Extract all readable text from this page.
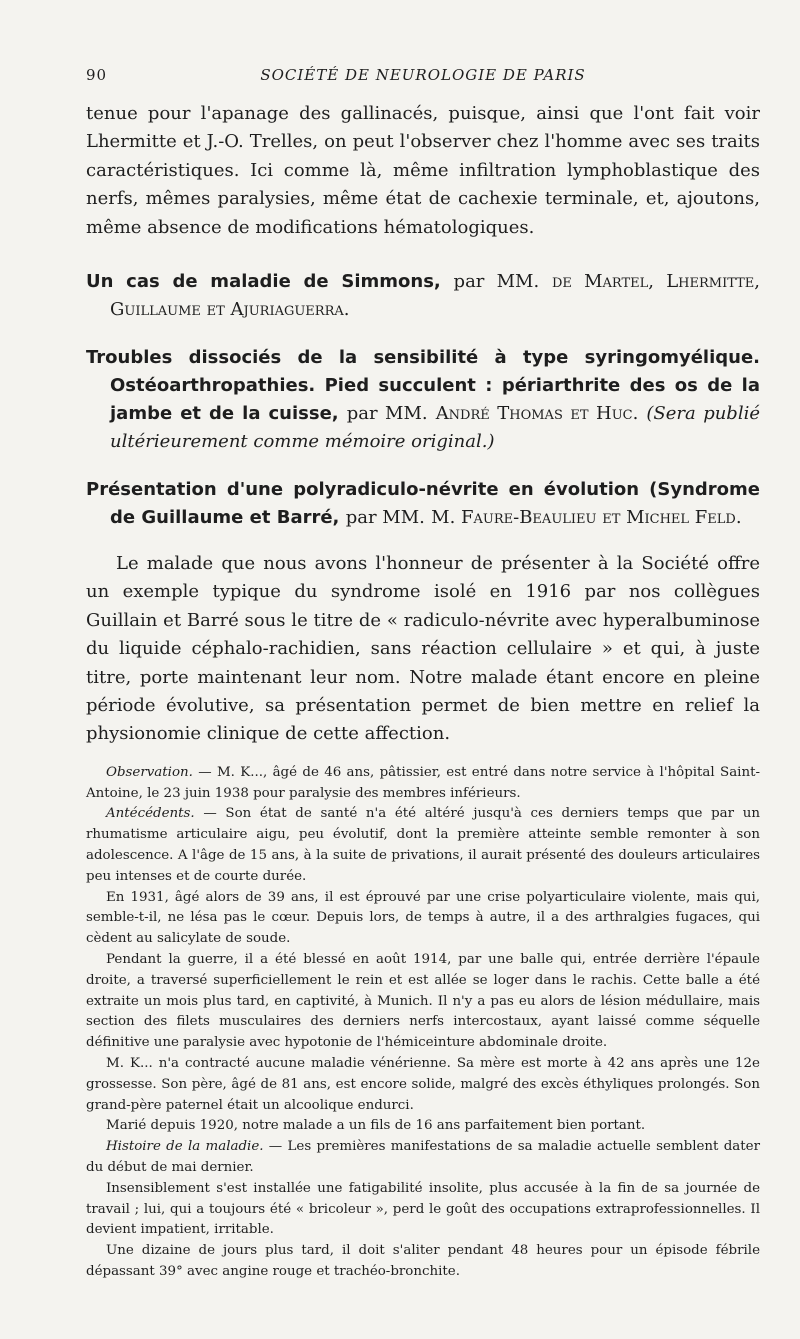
90	SOCIÉTÉ DE NEUROLOGIE DE PARIS

tenue pour l'apanage des gallinacés, puisque, ainsi que l'ont fait voir Lhermitte et J.-O. Trelles, on peut l'observer chez l'homme avec ses traits caractéristiques. Ici comme là, même infiltration lymphoblastique des nerfs, mêmes paralysies, même état de cachexie terminale, et, ajoutons, même absence de modifications hématologiques.

Un cas de maladie de Simmons, par MM. de Martel, Lhermitte, Guillaume et Ajuriaguerra.
Troubles dissociés de la sensibilité à type syringomyélique. Ostéoarthropathies. Pied succulent : périarthrite des os de la jambe et de la cuisse, par MM. André Thomas et Huc. (Sera publié ultérieurement comme mémoire original.)
Présentation d'une polyradiculo-névrite en évolution (Syndrome de Guillaume et Barré, par MM. M. Faure-Beaulieu et Michel Feld.

Le malade que nous avons l'honneur de présenter à la Société offre un exemple typique du syndrome isolé en 1916 par nos collègues Guillain et Barré sous le titre de « radiculo-névrite avec hyperalbuminose du liquide céphalo-rachidien, sans réaction cellulaire » et qui, à juste titre, porte maintenant leur nom. Notre malade étant encore en pleine période évolutive, sa présentation permet de bien mettre en relief la physionomie clinique de cette affection.

Observation. — M. K..., âgé de 46 ans, pâtissier, est entré dans notre service à l'hôpital Saint-Antoine, le 23 juin 1938 pour paralysie des membres inférieurs.

Antécédents. — Son état de santé n'a été altéré jusqu'à ces derniers temps que par un rhumatisme articulaire aigu, peu évolutif, dont la première atteinte semble remonter à son adolescence. A l'âge de 15 ans, à la suite de privations, il aurait présenté des douleurs articulaires peu intenses et de courte durée.

En 1931, âgé alors de 39 ans, il est éprouvé par une crise polyarticulaire violente, mais qui, semble-t-il, ne lésa pas le cœur. Depuis lors, de temps à autre, il a des arthralgies fugaces, qui cèdent au salicylate de soude.

Pendant la guerre, il a été blessé en août 1914, par une balle qui, entrée derrière l'épaule droite, a traversé superficiellement le rein et est allée se loger dans le rachis. Cette balle a été extraite un mois plus tard, en captivité, à Munich. Il n'y a pas eu alors de lésion médullaire, mais section des filets musculaires des derniers nerfs intercostaux, ayant laissé comme séquelle définitive une paralysie avec hypotonie de l'hémiceinture abdominale droite.

M. K... n'a contracté aucune maladie vénérienne. Sa mère est morte à 42 ans après une 12e grossesse. Son père, âgé de 81 ans, est encore solide, malgré des excès éthyliques prolongés. Son grand-père paternel était un alcoolique endurci.

Marié depuis 1920, notre malade a un fils de 16 ans parfaitement bien portant.

Histoire de la maladie. — Les premières manifestations de sa maladie actuelle semblent dater du début de mai dernier.

Insensiblement s'est installée une fatigabilité insolite, plus accusée à la fin de sa journée de travail ; lui, qui a toujours été « bricoleur », perd le goût des occupations extraprofessionnelles. Il devient impatient, irritable.

Une dizaine de jours plus tard, il doit s'aliter pendant 48 heures pour un épisode fébrile dépassant 39° avec angine rouge et trachéo-bronchite.
